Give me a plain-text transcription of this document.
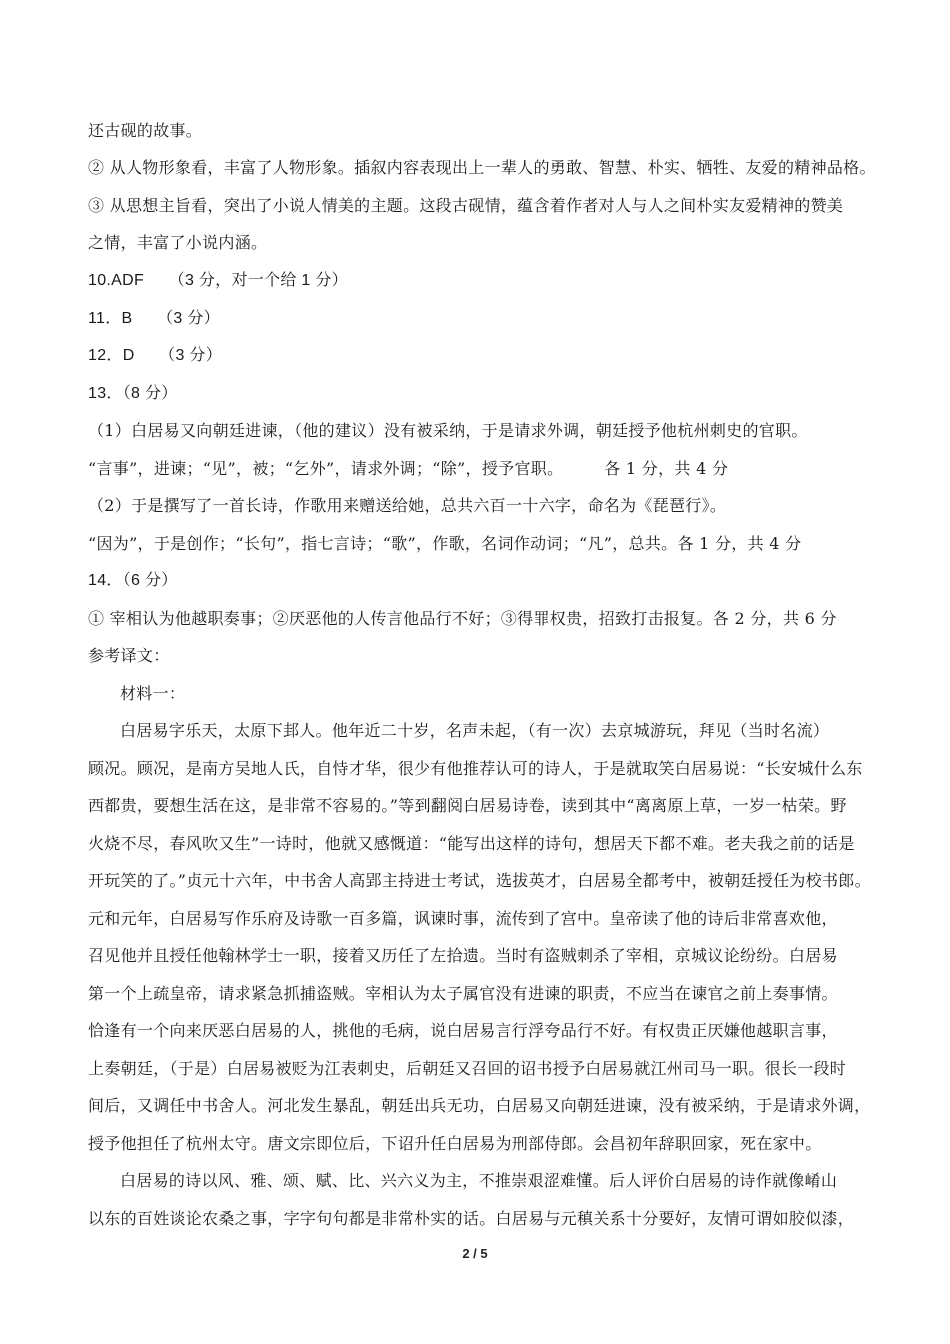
还古砚的故事。
② 从人物形象看，丰富了人物形象。插叙内容表现出上一辈人的勇敢、智慧、朴实、牺牲、友爱的精神品格。
③ 从思想主旨看，突出了小说人情美的主题。这段古砚情，蕴含着作者对人与人之间朴实友爱精神的赞美
之情，丰富了小说内涵。
10.ADF　　（3 分，对一个给 1 分）
11．B　　（3 分）
12．D　　（3 分）
13．（8 分）
（1）白居易又向朝廷进谏，（他的建议）没有被采纳，于是请求外调，朝廷授予他杭州刺史的官职。
“言事”，进谏；“见”，被；“乞外”，请求外调；“除”，授予官职。　　　各 1 分，共 4 分
（2）于是撰写了一首长诗，作歌用来赠送给她，总共六百一十六字，命名为《琵琶行》。
“因为”，于是创作；“长句”，指七言诗；“歌”，作歌，名词作动词；“凡”，总共。各 1 分，共 4 分
14．（6 分）
① 宰相认为他越职奏事；②厌恶他的人传言他品行不好；③得罪权贵，招致打击报复。各 2 分，共 6 分
参考译文：
材料一：
白居易字乐天，太原下邽人。他年近二十岁，名声未起，（有一次）去京城游玩，拜见（当时名流）
顾况。顾况，是南方吴地人氏，自恃才华，很少有他推荐认可的诗人，于是就取笑白居易说：“长安城什么东
西都贵，要想生活在这，是非常不容易的。”等到翻阅白居易诗卷，读到其中“离离原上草，一岁一枯荣。野
火烧不尽，春风吹又生”一诗时，他就又感慨道：“能写出这样的诗句，想居天下都不难。老夫我之前的话是
开玩笑的了。”贞元十六年，中书舍人高郢主持进士考试，选拔英才，白居易全都考中，被朝廷授任为校书郎。
元和元年，白居易写作乐府及诗歌一百多篇，讽谏时事，流传到了宫中。皇帝读了他的诗后非常喜欢他，
召见他并且授任他翰林学士一职，接着又历任了左拾遗。当时有盗贼刺杀了宰相，京城议论纷纷。白居易
第一个上疏皇帝，请求紧急抓捕盗贼。宰相认为太子属官没有进谏的职责，不应当在谏官之前上奏事情。
恰逢有一个向来厌恶白居易的人，挑他的毛病，说白居易言行浮夸品行不好。有权贵正厌嫌他越职言事，
上奏朝廷，（于是）白居易被贬为江表刺史，后朝廷又召回的诏书授予白居易就江州司马一职。很长一段时
间后，又调任中书舍人。河北发生暴乱，朝廷出兵无功，白居易又向朝廷进谏，没有被采纳，于是请求外调，
授予他担任了杭州太守。唐文宗即位后，下诏升任白居易为刑部侍郎。会昌初年辞职回家，死在家中。
白居易的诗以风、雅、颂、赋、比、兴六义为主，不推崇艰涩难懂。后人评价白居易的诗作就像崤山
以东的百姓谈论农桑之事，字字句句都是非常朴实的话。白居易与元稹关系十分要好，友情可谓如胶似漆，
2 / 5
